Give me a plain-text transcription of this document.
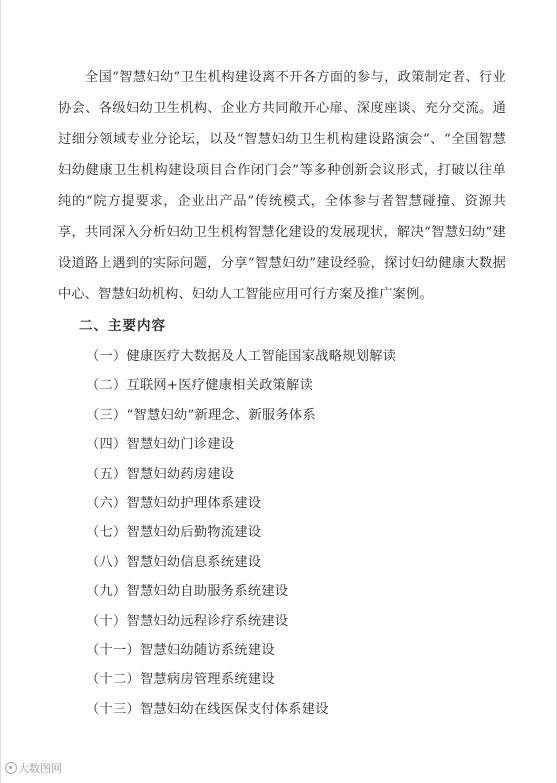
全国“智慧妇幼”卫生机构建设离不开各方面的参与，政策制定者、行业协会、各级妇幼卫生机构、企业方共同敞开心扉、深度座谈、充分交流。通过细分领域专业分论坛，以及“智慧妇幼卫生机构建设路演会”、“全国智慧妇幼健康卫生机构建设项目合作闭门会”等多种创新会议形式，打破以往单纯的“院方提要求，企业出产品”传统模式，全体参与者智慧碰撞、资源共享，共同深入分析妇幼卫生机构智慧化建设的发展现状，解决“智慧妇幼”建设道路上遇到的实际问题，分享“智慧妇幼”建设经验，探讨妇幼健康大数据中心、智慧妇幼机构、妇幼人工智能应用可行方案及推广案例。

二、主要内容
（一）健康医疗大数据及人工智能国家战略规划解读
（二）互联网+医疗健康相关政策解读
（三）“智慧妇幼”新理念、新服务体系
（四）智慧妇幼门诊建设
（五）智慧妇幼药房建设
（六）智慧妇幼护理体系建设
（七）智慧妇幼后勤物流建设
（八）智慧妇幼信息系统建设
（九）智慧妇幼自助服务系统建设
（十）智慧妇幼远程诊疗系统建设
（十一）智慧妇幼随访系统建设
（十二）智慧病房管理系统建设
（十三）智慧妇幼在线医保支付体系建设
大数图网
